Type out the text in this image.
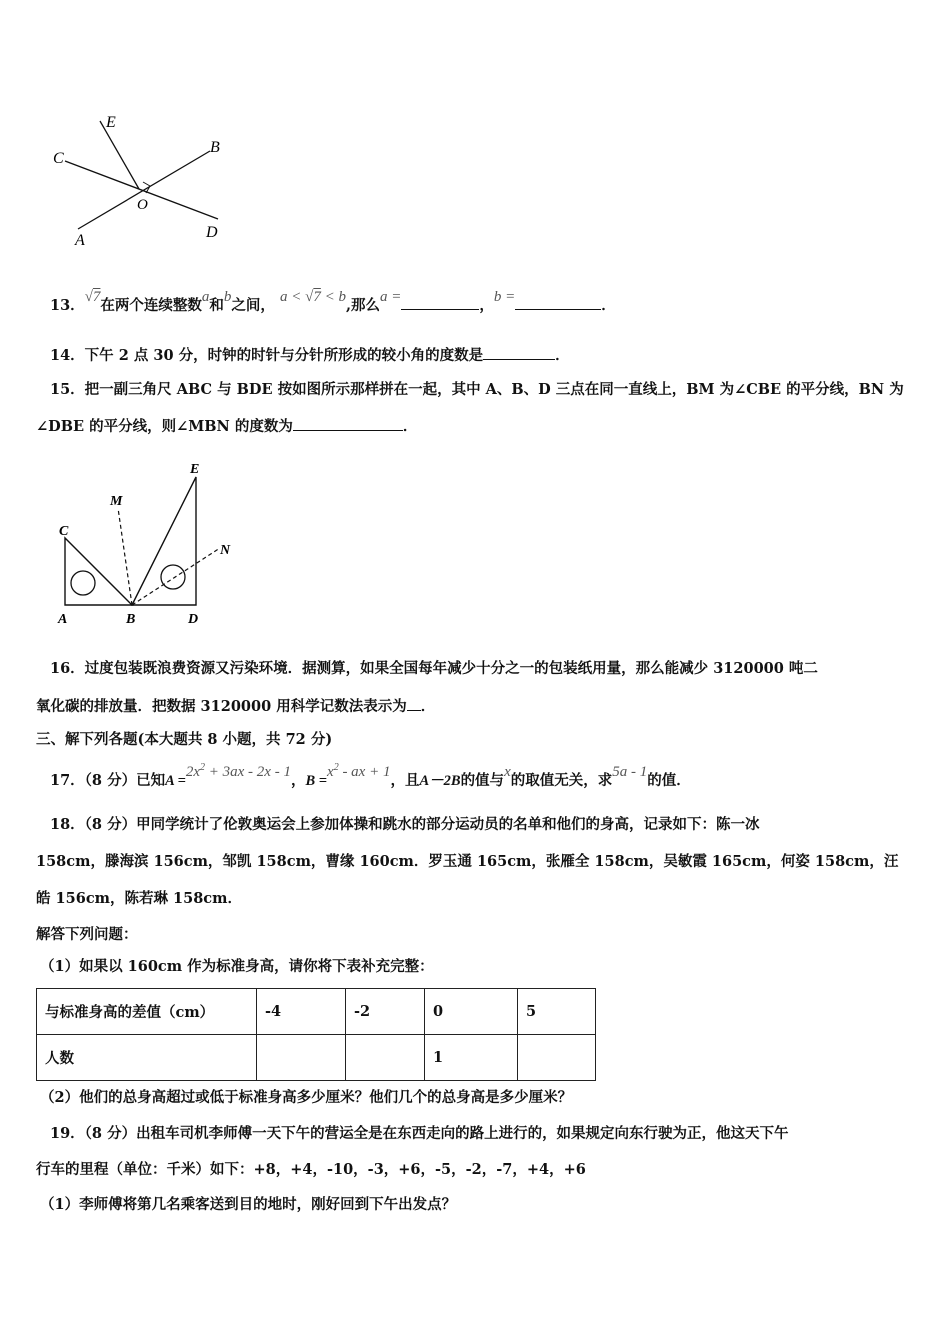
E
C
B
O
A	D
13．√7在两个连续整数a和b之间， a < √7 < b,那么a =	，b =	．
14．下午 2 点 30 分，时钟的时针与分针所形成的较小角的度数是	．
15．把一副三角尺 ABC 与 BDE 按如图所示那样拼在一起，其中 A、B、D 三点在同一直线上，BM 为∠CBE 的平分线，BN 为
∠DBE 的平分线，则∠MBN 的度数为	．
E
M
C
N
A	B	D
16．过度包装既浪费资源又污染环境．据测算，如果全国每年减少十分之一的包装纸用量，那么能减少 3120000 吨二
氧化碳的排放量．把数据 3120000 用科学记数法表示为 ．
三、解下列各题(本大题共 8 小题，共 72 分)
17．（8 分）已知$A =2x^2 + 3ax - 2x - 1$，$B =x^2$ - ax + 1，且A－2B的值与x的取值无关，求5a - 1的值．
18．（8 分）甲同学统计了伦敦奥运会上参加体操和跳水的部分运动员的名单和他们的身高，记录如下：陈一冰
158cm，滕海滨 156cm，邹凯 158cm，曹缘 160cm．罗玉通 165cm，张雁全 158cm，吴敏霞 165cm，何姿 158cm，汪
皓 156cm，陈若琳 158cm．
解答下列问题：
（1）如果以 160cm 作为标准身高，请你将下表补充完整：
与标准身高的差值（cm）	-4	-2	0	5
人数			1	
（2）他们的总身高超过或低于标准身高多少厘米？他们几个的总身高是多少厘米？
19．（8 分）出租车司机李师傅一天下午的营运全是在东西走向的路上进行的，如果规定向东行驶为正，他这天下午
行车的里程（单位：千米）如下：+8，+4，-10，-3，+6，-5，-2，-7，+4，+6
（1）李师傅将第几名乘客送到目的地时，刚好回到下午出发点？
